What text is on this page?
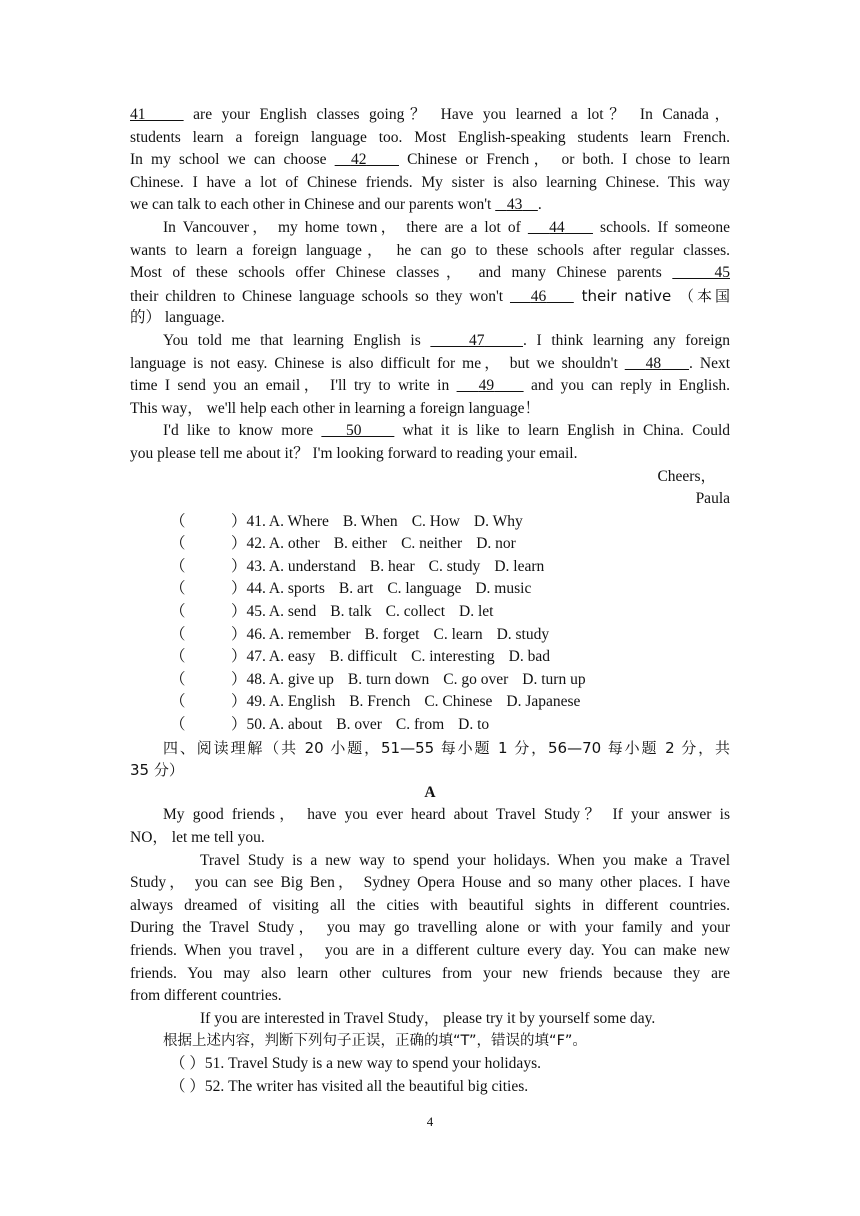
41     are your English classes going？ Have you learned a lot？ In Canada，
students learn a foreign language too. Most English-speaking students learn French.
In my school we can choose   42     Chinese or French， or both. I chose to learn
Chinese. I have a lot of Chinese friends. My sister is also learning Chinese. This way
we can talk to each other in Chinese and our parents won't    43 .
In Vancouver， my home town， there are a lot of    44     schools. If someone
wants to learn a foreign language， he can go to these schools after regular classes.
Most of these schools offer Chinese classes， and many Chinese parents	45
their children to Chinese language schools so they won't    46     their native （本国
的） language.
You told me that learning English is     47 . I think learning any foreign
language is not easy. Chinese is also difficult for me， but we shouldn't    48 . Next
time I send you an email， I'll try to write in    49     and you can reply in English.
This way， we'll help each other in learning a foreign language！
I'd like to know more    50     what it is like to learn English in China. Could
you please tell me about it？ I'm looking forward to reading your email.
Cheers，
Paula
（	）41. A. Where B. When C. How D. Why
（	）42. A. other B. either C. neither D. nor
（	）43. A. understand B. hear C. study D. learn
（	）44. A. sports B. art C. language D. music
（	）45. A. send B. talk C. collect D. let
（	）46. A. remember B. forget C. learn D. study
（	）47. A. easy B. difficult C. interesting D. bad
（	）48. A. give up B. turn down C. go over D. turn up
（	）49. A. English B. French C. Chinese D. Japanese
（	）50. A. about B. over C. from D. to
四、阅读理解（共 20 小题，51—55 每小题 1 分，56—70 每小题 2 分，共
35 分）
A
My good friends， have you ever heard about Travel Study？ If your answer is
NO， let me tell you.
Travel Study is a new way to spend your holidays. When you make a Travel
Study， you can see Big Ben， Sydney Opera House and so many other places. I have
always dreamed of visiting all the cities with beautiful sights in different countries.
During the Travel Study， you may go travelling alone or with your family and your
friends. When you travel， you are in a different culture every day. You can make new
friends. You may also learn other cultures from your new friends because they are
from different countries.
If you are interested in Travel Study， please try it by yourself some day.
根据上述内容，判断下列句子正误，正确的填“T”，错误的填“F”。
（ ）51. Travel Study is a new way to spend your holidays.
（ ）52. The writer has visited all the beautiful big cities.
4
